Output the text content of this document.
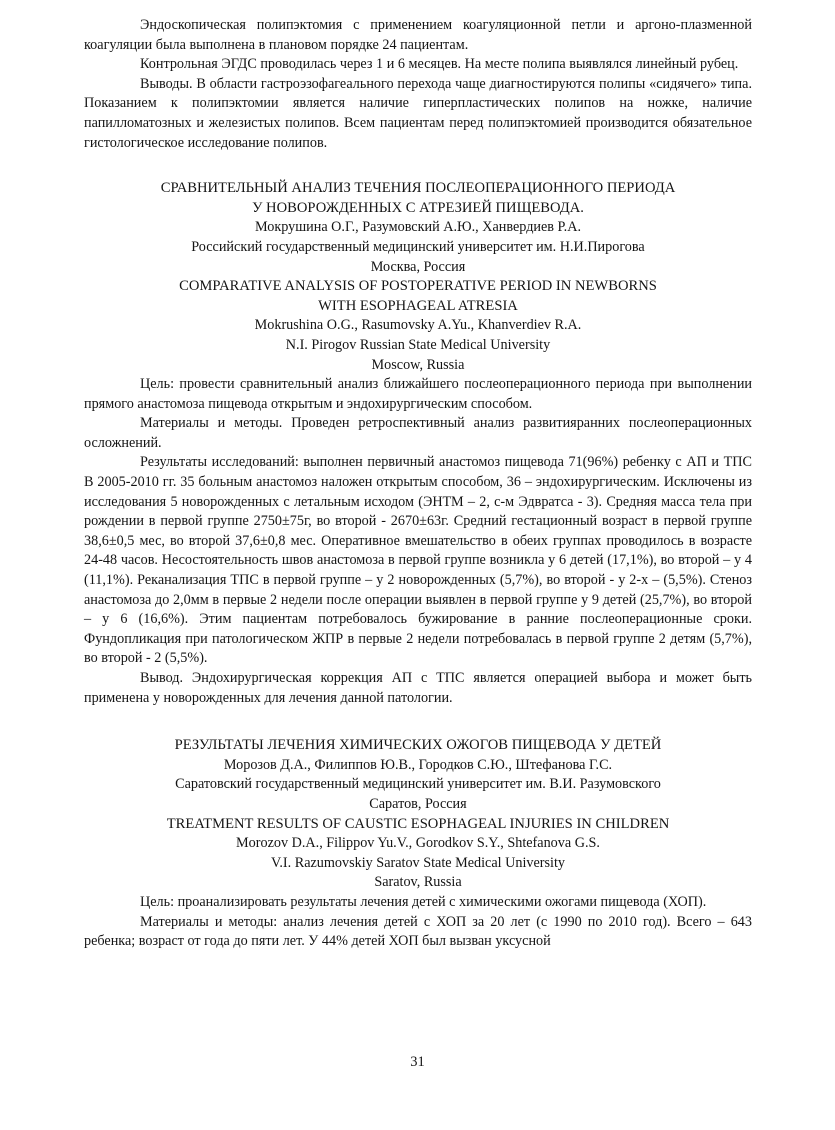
Эндоскопическая полипэктомия с применением коагуляционной петли и аргоно-плазменной коагуляции была выполнена в плановом порядке 24 пациентам.

Контрольная ЭГДС проводилась через 1 и 6 месяцев. На месте полипа выявлялся линейный рубец.

Выводы. В области гастроэзофагеального перехода чаще диагностируются полипы «сидячего» типа. Показанием к полипэктомии является наличие гиперпластических полипов на ножке, наличие папилломатозных и железистых полипов. Всем пациентам перед полипэктомией производится обязательное гистологическое исследование полипов.

СРАВНИТЕЛЬНЫЙ АНАЛИЗ ТЕЧЕНИЯ ПОСЛЕОПЕРАЦИОННОГО ПЕРИОДА

У НОВОРОЖДЕННЫХ С АТРЕЗИЕЙ ПИЩЕВОДА.

Мокрушина О.Г., Разумовский А.Ю., Ханвердиев Р.А.

Российский государственный медицинский университет им. Н.И.Пирогова

Москва, Россия

COMPARATIVE ANALYSIS OF POSTOPERATIVE PERIOD IN NEWBORNS

WITH ESOPHAGEAL ATRESIA

Mokrushina O.G., Rasumovsky A.Yu., Khanverdiev R.A.

N.I. Pirogov Russian State Medical University

Moscow, Russia

Цель: провести сравнительный анализ ближайшего послеоперационного периода при выполнении прямого анастомоза пищевода открытым и эндохирургическим способом.

Материалы и методы. Проведен ретроспективный анализ развитияранних послеоперационных осложнений.

Результаты исследований: выполнен первичный анастомоз пищевода 71(96%) ребенку с АП и ТПС В 2005-2010 гг. 35 больным анастомоз наложен открытым способом, 36 – эндохирургическим. Исключены из исследования 5 новорожденных с летальным исходом (ЭНТМ – 2, с-м Эдвратса - 3). Средняя масса тела при рождении в первой группе 2750±75г, во второй - 2670±63г. Средний гестационный возраст в первой группе 38,6±0,5 мес, во второй 37,6±0,8 мес. Оперативное вмешательство в обеих группах проводилось в возрасте 24-48 часов. Несостоятельность швов анастомоза в первой группе возникла у 6 детей (17,1%), во второй – у 4 (11,1%). Реканализация ТПС в первой группе – у 2 новорожденных (5,7%), во второй - у 2-х – (5,5%). Стеноз анастомоза до 2,0мм в первые 2 недели после операции выявлен в первой группе у 9 детей (25,7%), во второй – у 6 (16,6%). Этим пациентам потребовалось бужирование в ранние послеоперационные сроки. Фундопликация при патологическом ЖПР в первые 2 недели потребовалась в первой группе 2 детям (5,7%), во второй - 2 (5,5%).

Вывод. Эндохирургическая коррекция АП с ТПС является операцией выбора и может быть применена у новорожденных для лечения данной патологии.

РЕЗУЛЬТАТЫ ЛЕЧЕНИЯ ХИМИЧЕСКИХ ОЖОГОВ ПИЩЕВОДА У ДЕТЕЙ

Морозов Д.А., Филиппов Ю.В., Городков С.Ю., Штефанова Г.С.

Саратовский государственный медицинский университет им. В.И. Разумовского

Саратов, Россия

TREATMENT RESULTS OF CAUSTIC ESOPHAGEAL INJURIES IN CHILDREN

Morozov D.A., Filippov Yu.V., Gorodkov S.Y., Shtefanova G.S.

V.I. Razumovskiy Saratov State Medical University

Saratov, Russia

Цель: проанализировать результаты лечения детей с химическими ожогами пищевода (ХОП).

Материалы и методы: анализ лечения детей с ХОП за 20 лет (с 1990 по 2010 год). Всего – 643 ребенка; возраст от года до пяти лет. У 44% детей ХОП был вызван уксусной

31
